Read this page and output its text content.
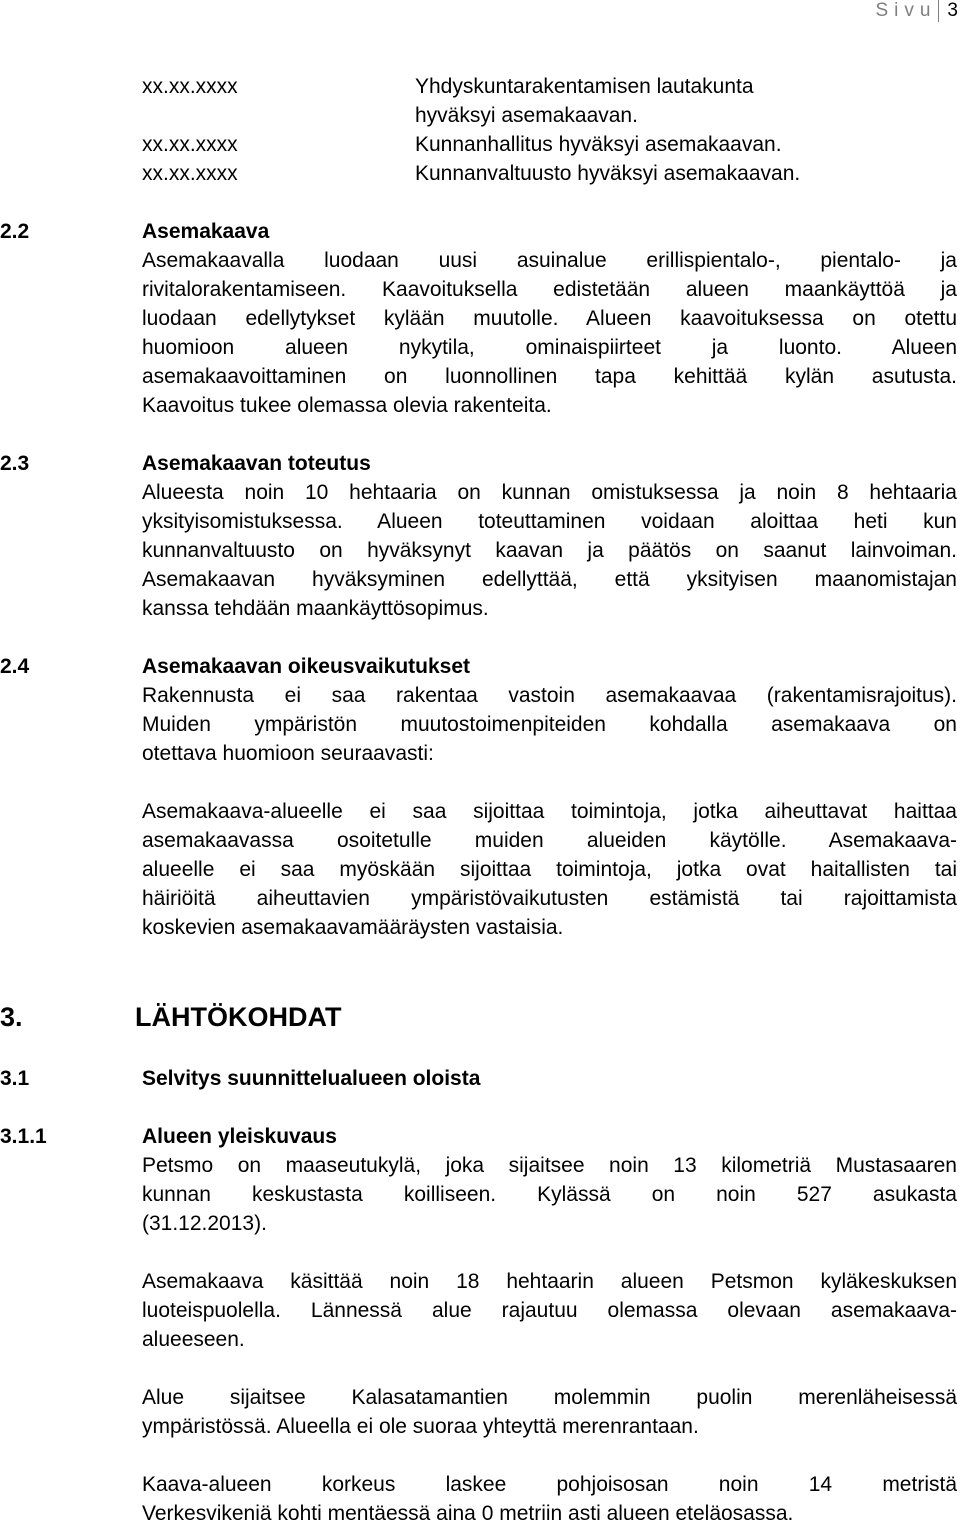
Sivu 3
xx.xx.xxxx	Yhdyskuntarakentamisen lautakunta
hyväksyi asemakaavan.
xx.xx.xxxx	Kunnanhallitus hyväksyi asemakaavan.
xx.xx.xxxx	Kunnanvaltuusto hyväksyi asemakaavan.
2.2	Asemakaava
Asemakaavalla luodaan uusi asuinalue erillispientalo-, pientalo- ja
rivitalorakentamiseen. Kaavoituksella edistetään alueen maankäyttöä ja
luodaan edellytykset kylään muutolle. Alueen kaavoituksessa on otettu
huomioon alueen nykytila, ominaispiirteet ja luonto. Alueen
asemakaavoittaminen on luonnollinen tapa kehittää kylän asutusta.
Kaavoitus tukee olemassa olevia rakenteita.
2.3	Asemakaavan toteutus
Alueesta noin 10 hehtaaria on kunnan omistuksessa ja noin 8 hehtaaria
yksityisomistuksessa. Alueen toteuttaminen voidaan aloittaa heti kun
kunnanvaltuusto on hyväksynyt kaavan ja päätös on saanut lainvoiman.
Asemakaavan hyväksyminen edellyttää, että yksityisen maanomistajan
kanssa tehdään maankäyttösopimus.
2.4	Asemakaavan oikeusvaikutukset
Rakennusta ei saa rakentaa vastoin asemakaavaa (rakentamisrajoitus).
Muiden ympäristön muutostoimenpiteiden kohdalla asemakaava on
otettava huomioon seuraavasti:
Asemakaava-alueelle ei saa sijoittaa toimintoja, jotka aiheuttavat haittaa
asemakaavassa osoitetulle muiden alueiden käytölle. Asemakaava-
alueelle ei saa myöskään sijoittaa toimintoja, jotka ovat haitallisten tai
häiriöitä aiheuttavien ympäristövaikutusten estämistä tai rajoittamista
koskevien asemakaavamääräysten vastaisia.
3.	LÄHTÖKOHDAT
3.1	Selvitys suunnittelualueen oloista
3.1.1	Alueen yleiskuvaus
Petsmo on maaseutukylä, joka sijaitsee noin 13 kilometriä Mustasaaren
kunnan keskustasta koilliseen. Kylässä on noin 527 asukasta
(31.12.2013).
Asemakaava käsittää noin 18 hehtaarin alueen Petsmon kyläkeskuksen
luoteispuolella. Lännessä alue rajautuu olemassa olevaan asemakaava-
alueeseen.
Alue sijaitsee Kalasatamantien molemmin puolin merenläheisessä
ympäristössä. Alueella ei ole suoraa yhteyttä merenrantaan.
Kaava-alueen korkeus laskee pohjoisosan noin 14 metristä
Verkesvikeniä kohti mentäessä aina 0 metriin asti alueen eteläosassa.
